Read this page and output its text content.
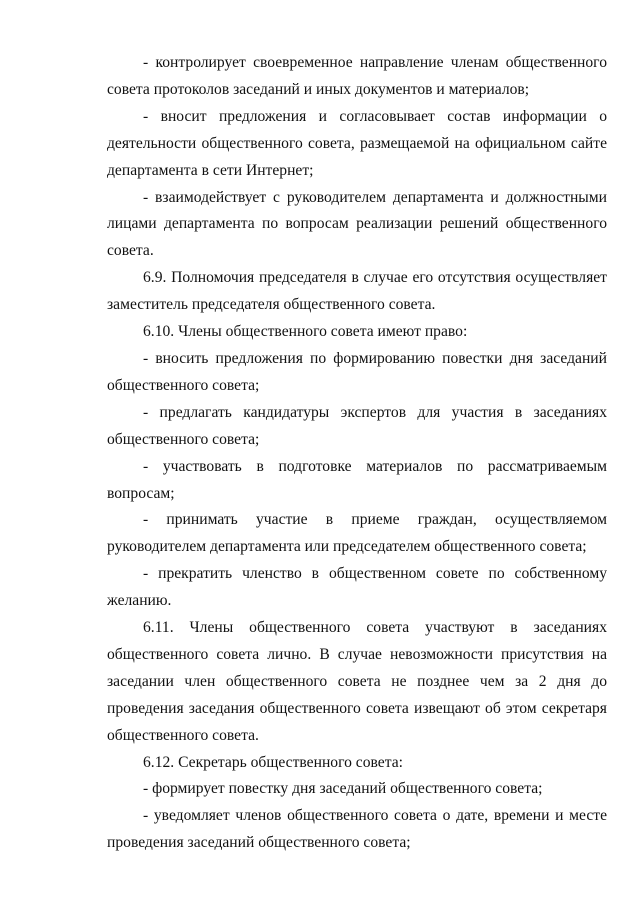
- контролирует своевременное направление членам общественного совета протоколов заседаний и иных документов и материалов;

- вносит предложения и согласовывает состав информации о деятельности общественного совета, размещаемой на официальном сайте департамента в сети Интернет;

- взаимодействует с руководителем департамента и должностными лицами департамента по вопросам реализации решений общественного совета.

6.9. Полномочия председателя в случае его отсутствия осуществляет заместитель председателя общественного совета.

6.10. Члены общественного совета имеют право:

- вносить предложения по формированию повестки дня заседаний общественного совета;

- предлагать кандидатуры экспертов для участия в заседаниях общественного совета;

- участвовать в подготовке материалов по рассматриваемым вопросам;

- принимать участие в приеме граждан, осуществляемом руководителем департамента или председателем общественного совета;

- прекратить членство в общественном совете по собственному желанию.

6.11. Члены общественного совета участвуют в заседаниях общественного совета лично. В случае невозможности присутствия на заседании член общественного совета не позднее чем за 2 дня до проведения заседания общественного совета извещают об этом секретаря общественного совета.

6.12. Секретарь общественного совета:

- формирует повестку дня заседаний общественного совета;

- уведомляет членов общественного совета о дате, времени и месте проведения заседаний общественного совета;
